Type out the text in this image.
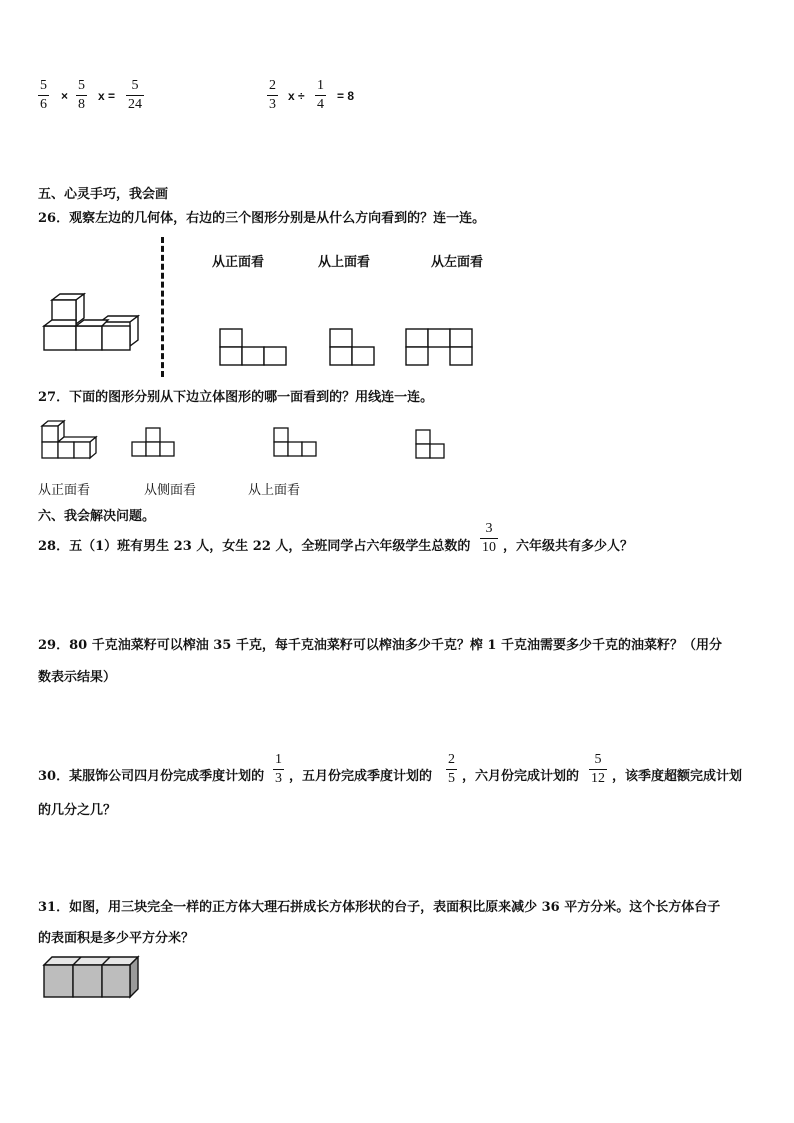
$\frac{5}{6} \times \frac{5}{8}$ $x = \frac{5}{24}$	$\frac{2}{3}$ $x \div \frac{1}{4} = 8$
五、心灵手巧，我会画
26．观察左边的几何体，右边的三个图形分别是从什么方向看到的？连一连。
从正面看	从上面看	从左面看
27．下面的图形分别从下边立体图形的哪一面看到的？用线连一连。
从正面看	从侧面看	从上面看
六、我会解决问题。
28．五（1）班有男生 23 人，女生 22 人，全班同学占六年级学生总数的 $\frac{3}{10}$ ，六年级共有多少人？
29．80 千克油菜籽可以榨油 35 千克，每千克油菜籽可以榨油多少千克？榨 1 千克油需要多少千克的油菜籽？（用分
数表示结果）
30．某服饰公司四月份完成季度计划的 $\frac{1}{3}$ ，五月份完成季度计划的 $\frac{2}{5}$ ，六月份完成计划的 $\frac{5}{12}$ ，该季度超额完成计划
的几分之几？
31．如图，用三块完全一样的正方体大理石拼成长方体形状的台子，表面积比原来减少 36 平方分米。这个长方体台子
的表面积是多少平方分米？
